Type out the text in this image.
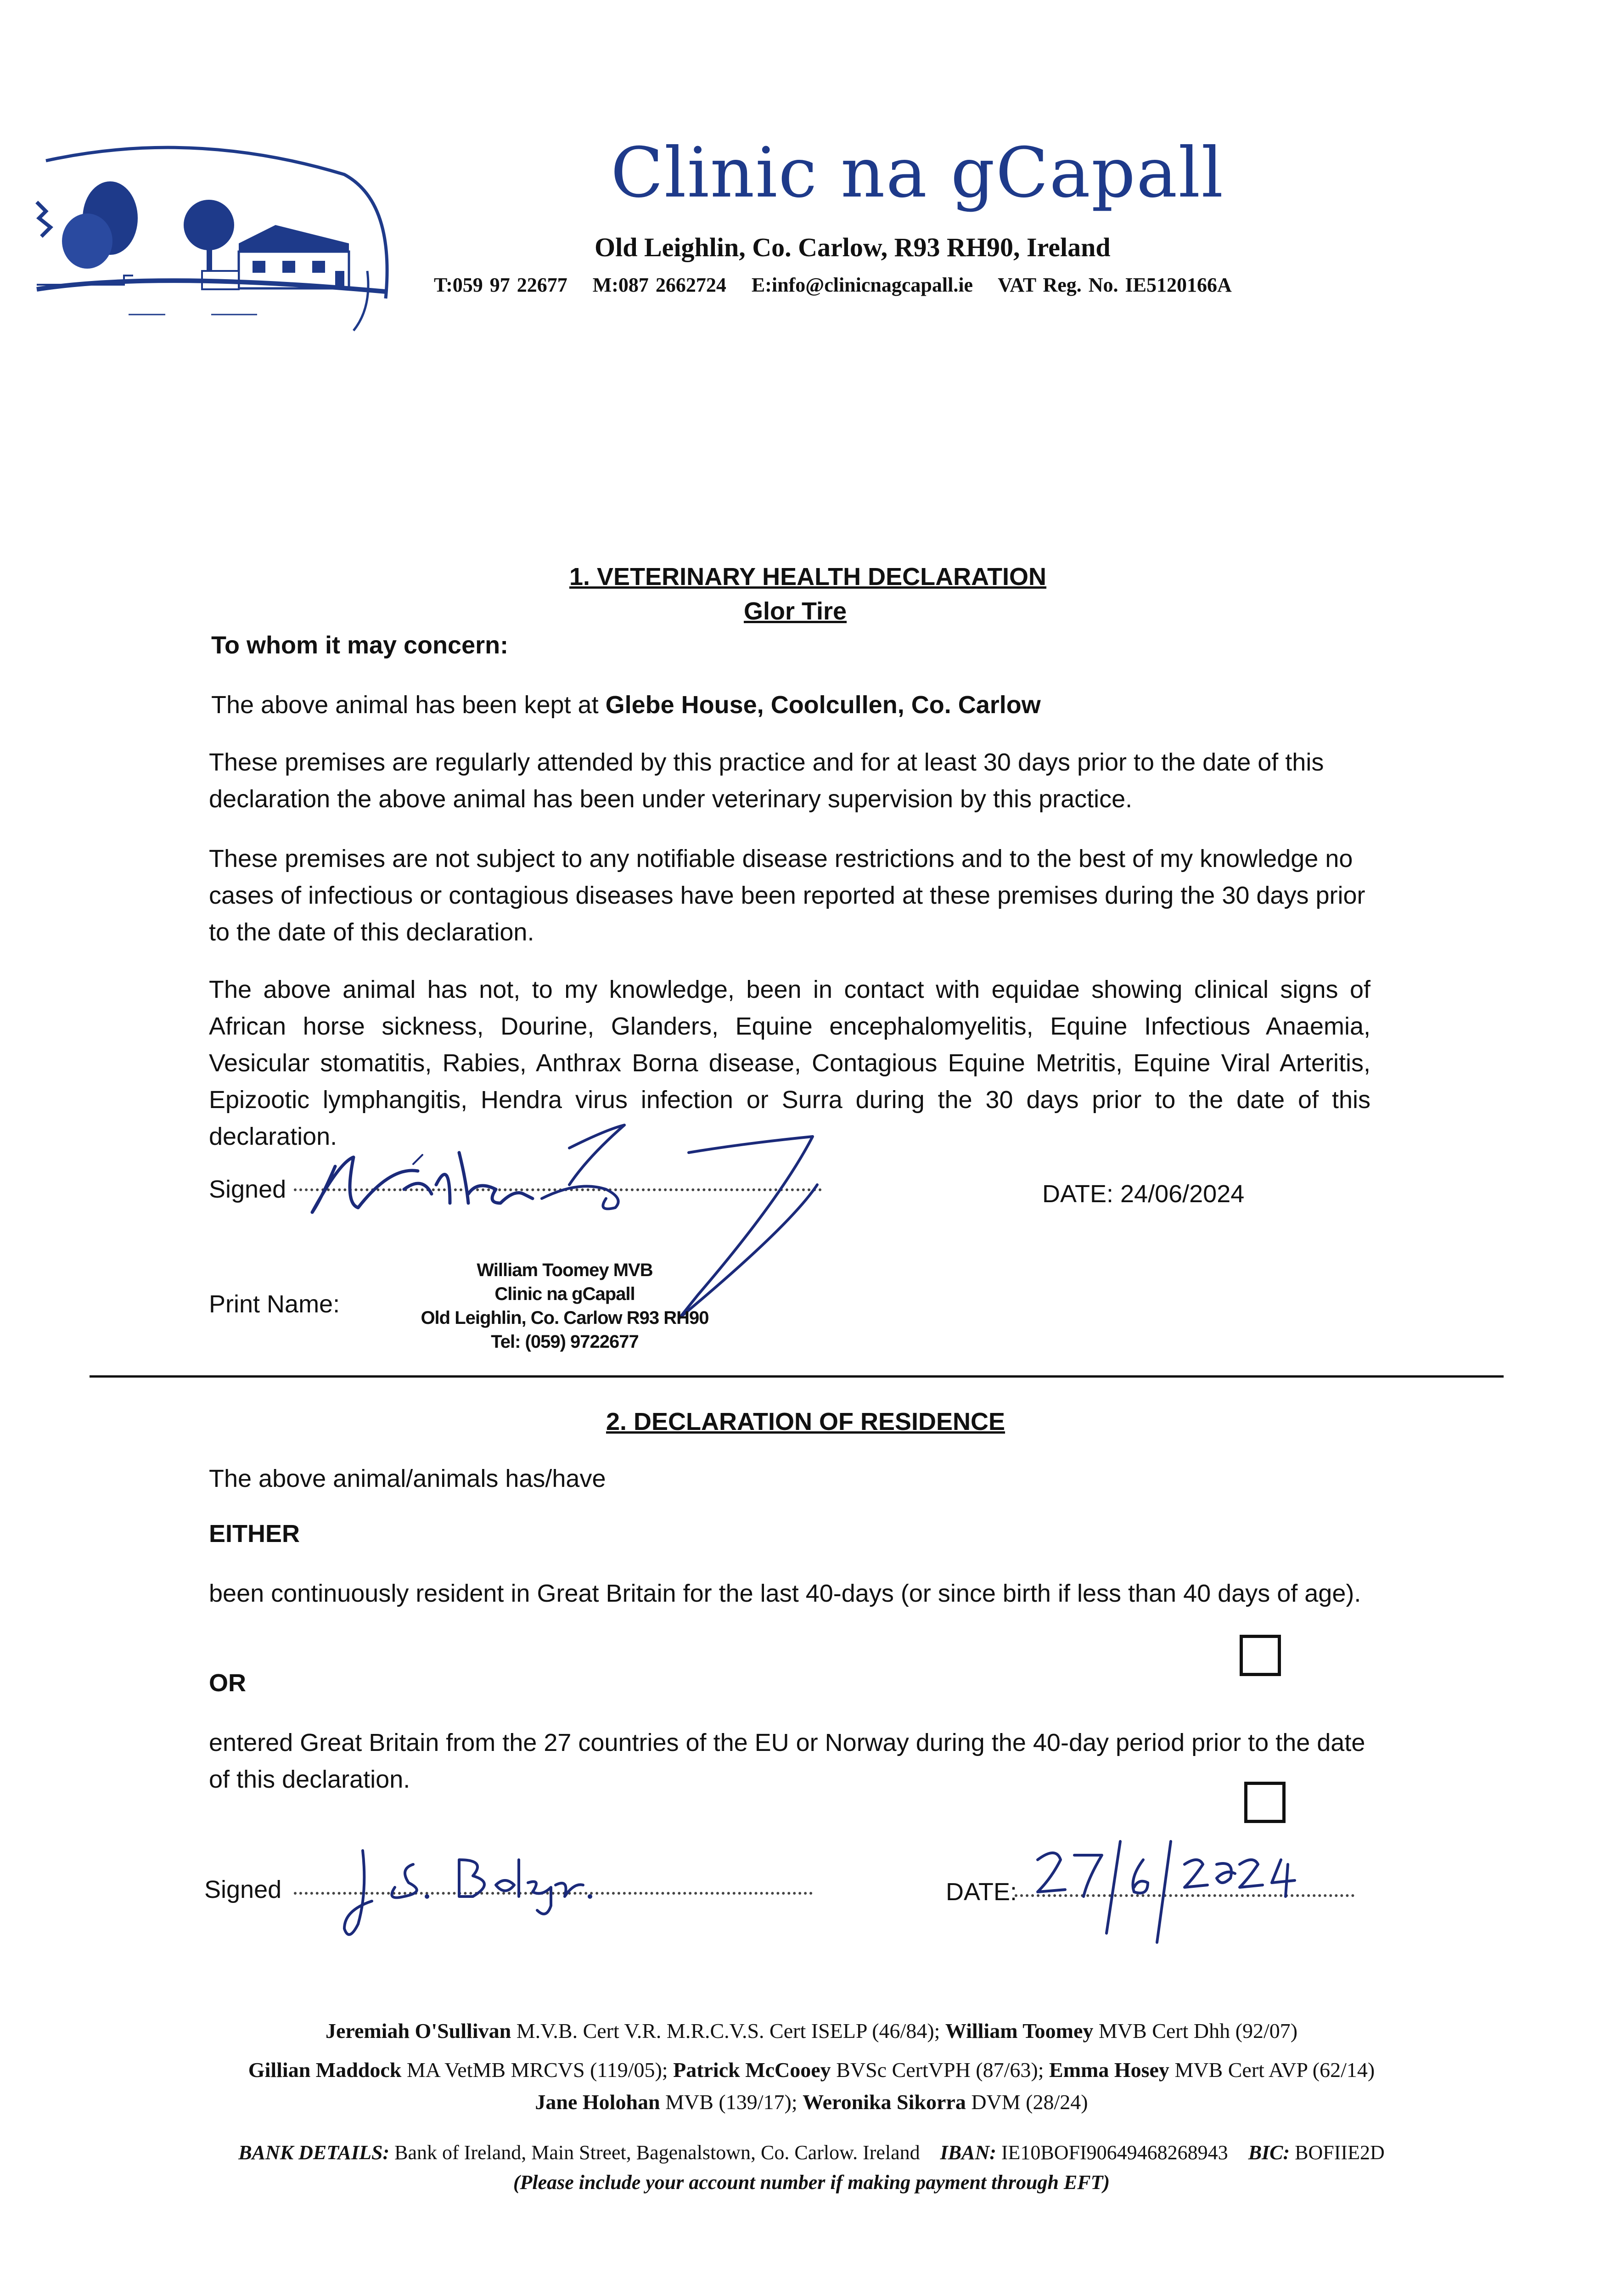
Clinic na gCapall
Old Leighlin, Co. Carlow, R93 RH90, Ireland
T:059 97 22677 M:087 2662724 E:info@clinicnagcapall.ie VAT Reg. No. IE5120166A
1. VETERINARY HEALTH DECLARATION
Glor Tire
To whom it may concern:
The above animal has been kept at Glebe House, Coolcullen, Co. Carlow
These premises are regularly attended by this practice and for at least 30 days prior to the date of this declaration the above animal has been under veterinary supervision by this practice.
These premises are not subject to any notifiable disease restrictions and to the best of my knowledge no cases of infectious or contagious diseases have been reported at these premises during the 30 days prior to the date of this declaration.
The above animal has not, to my knowledge, been in contact with equidae showing clinical signs of African horse sickness, Dourine, Glanders, Equine encephalomyelitis, Equine Infectious Anaemia, Vesicular stomatitis, Rabies, Anthrax Borna disease, Contagious Equine Metritis, Equine Viral Arteritis, Epizootic lymphangitis, Hendra virus infection or Surra during the 30 days prior to the date of this declaration.
Signed	DATE: 24/06/2024
Print Name:
William Toomey MVB
Clinic na gCapall
Old Leighlin, Co. Carlow R93 RH90
Tel: (059) 9722677
2. DECLARATION OF RESIDENCE
The above animal/animals has/have
EITHER
been continuously resident in Great Britain for the last 40-days (or since birth if less than 40 days of age).
OR
entered Great Britain from the 27 countries of the EU or Norway during the 40-day period prior to the date of this declaration.
Signed	DATE:
Jeremiah O'Sullivan M.V.B. Cert V.R. M.R.C.V.S. Cert ISELP (46/84); William Toomey MVB Cert Dhh (92/07)
Gillian Maddock MA VetMB MRCVS (119/05); Patrick McCooey BVSc CertVPH (87/63); Emma Hosey MVB Cert AVP (62/14)
Jane Holohan MVB (139/17); Weronika Sikorra DVM (28/24)
BANK DETAILS: Bank of Ireland, Main Street, Bagenalstown, Co. Carlow. Ireland IBAN: IE10BOFI90649468268943 BIC: BOFIIE2D
(Please include your account number if making payment through EFT)
